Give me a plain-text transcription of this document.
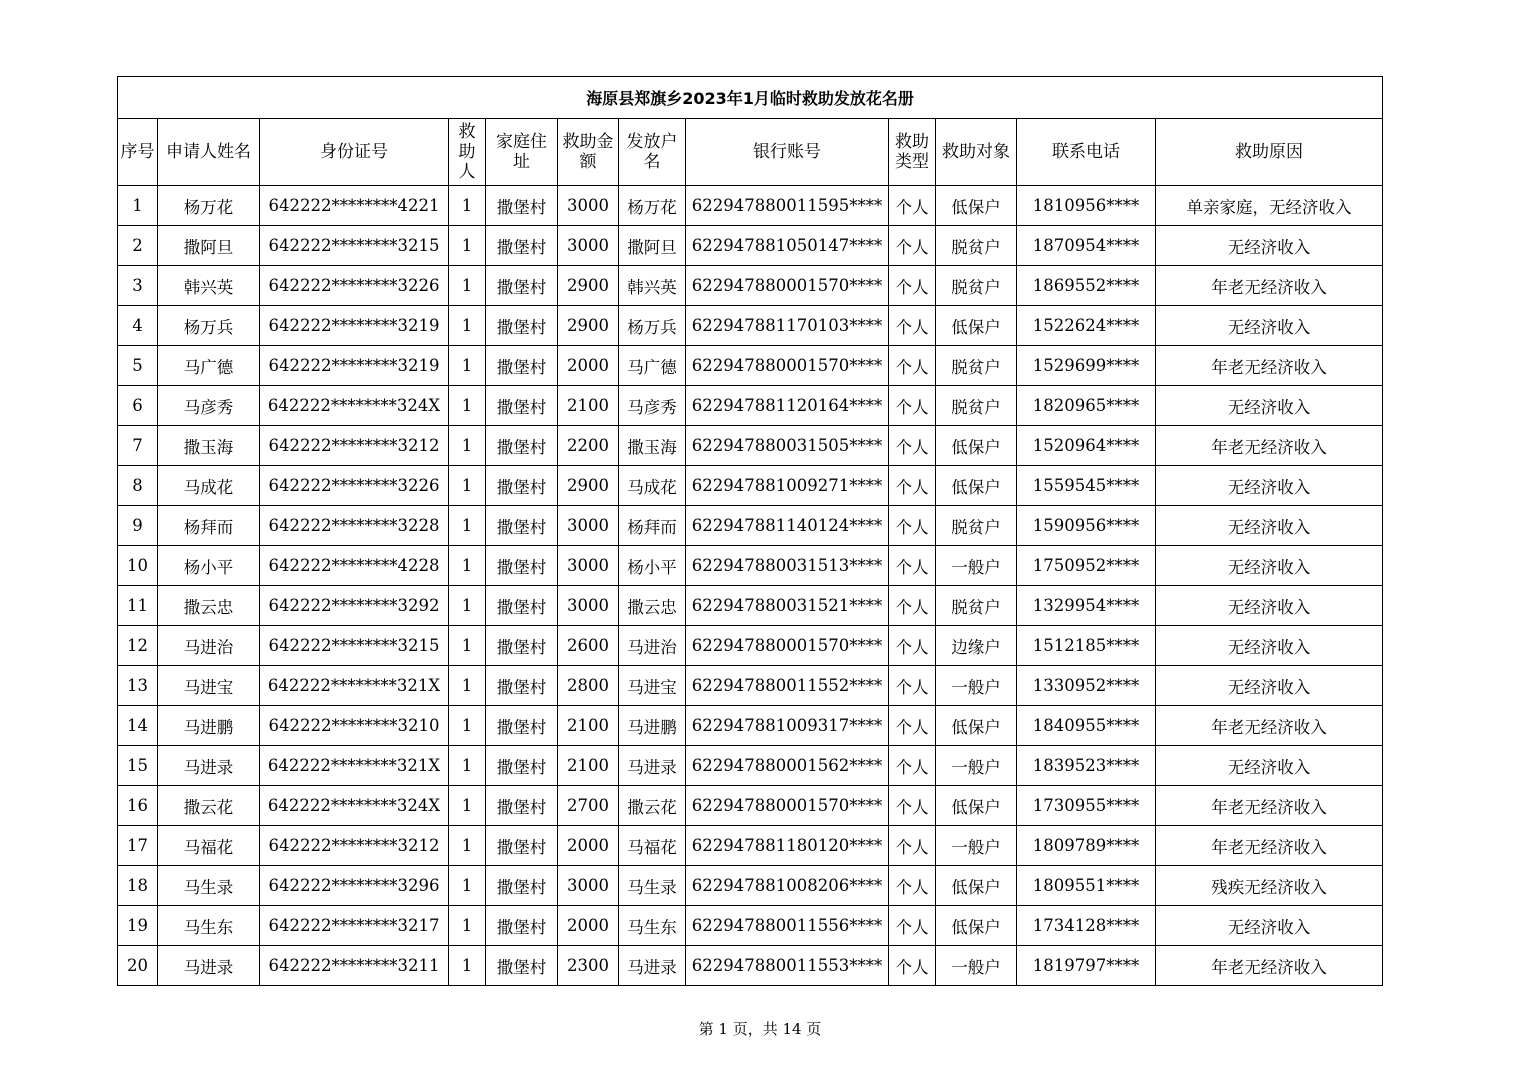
海原县郑旗乡2023年1月临时救助发放花名册											
序号	申请人姓名	身份证号	救助人	家庭住址	救助金额	发放户名	银行账号	救助类型	救助对象	联系电话	救助原因
1	杨万花	642222********4221	1	撒堡村	3000	杨万花	622947880011595****	个人	低保户	1810956****	单亲家庭，无经济收入
2	撒阿旦	642222********3215	1	撒堡村	3000	撒阿旦	622947881050147****	个人	脱贫户	1870954****	无经济收入
3	韩兴英	642222********3226	1	撒堡村	2900	韩兴英	622947880001570****	个人	脱贫户	1869552****	年老无经济收入
4	杨万兵	642222********3219	1	撒堡村	2900	杨万兵	622947881170103****	个人	低保户	1522624****	无经济收入
5	马广德	642222********3219	1	撒堡村	2000	马广德	622947880001570****	个人	脱贫户	1529699****	年老无经济收入
6	马彦秀	642222********324X	1	撒堡村	2100	马彦秀	622947881120164****	个人	脱贫户	1820965****	无经济收入
7	撒玉海	642222********3212	1	撒堡村	2200	撒玉海	622947880031505****	个人	低保户	1520964****	年老无经济收入
8	马成花	642222********3226	1	撒堡村	2900	马成花	622947881009271****	个人	低保户	1559545****	无经济收入
9	杨拜而	642222********3228	1	撒堡村	3000	杨拜而	622947881140124****	个人	脱贫户	1590956****	无经济收入
10	杨小平	642222********4228	1	撒堡村	3000	杨小平	622947880031513****	个人	一般户	1750952****	无经济收入
11	撒云忠	642222********3292	1	撒堡村	3000	撒云忠	622947880031521****	个人	脱贫户	1329954****	无经济收入
12	马进治	642222********3215	1	撒堡村	2600	马进治	622947880001570****	个人	边缘户	1512185****	无经济收入
13	马进宝	642222********321X	1	撒堡村	2800	马进宝	622947880011552****	个人	一般户	1330952****	无经济收入
14	马进鹏	642222********3210	1	撒堡村	2100	马进鹏	622947881009317****	个人	低保户	1840955****	年老无经济收入
15	马进录	642222********321X	1	撒堡村	2100	马进录	622947880001562****	个人	一般户	1839523****	无经济收入
16	撒云花	642222********324X	1	撒堡村	2700	撒云花	622947880001570****	个人	低保户	1730955****	年老无经济收入
17	马福花	642222********3212	1	撒堡村	2000	马福花	622947881180120****	个人	一般户	1809789****	年老无经济收入
18	马生录	642222********3296	1	撒堡村	3000	马生录	622947881008206****	个人	低保户	1809551****	残疾无经济收入
19	马生东	642222********3217	1	撒堡村	2000	马生东	622947880011556****	个人	低保户	1734128****	无经济收入
20	马进录	642222********3211	1	撒堡村	2300	马进录	622947880011553****	个人	一般户	1819797****	年老无经济收入
第 1 页，共 14 页
